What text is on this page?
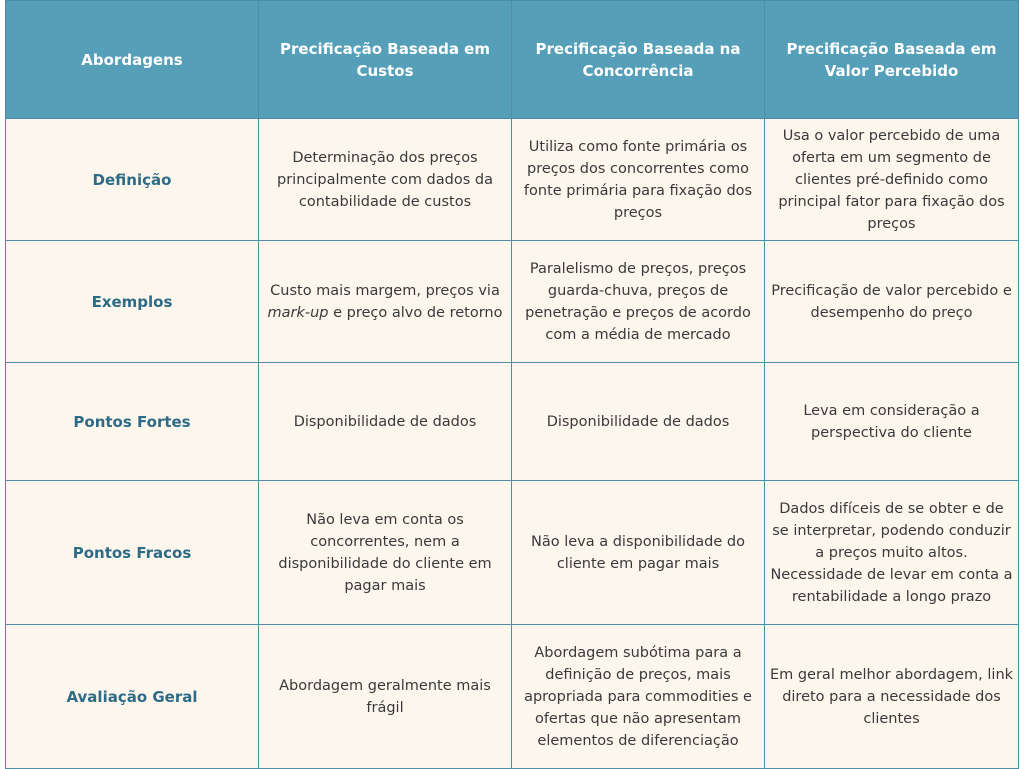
Abordagens	Precificação Baseada em Custos	Precificação Baseada na Concorrência	Precificação Baseada em Valor Percebido
Definição	Determinação dos preços principalmente com dados da contabilidade de custos	Utiliza como fonte primária os preços dos concorrentes como fonte primária para fixação dos preços	Usa o valor percebido de uma oferta em um segmento de clientes pré-definido como principal fator para fixação dos preços
Exemplos	Custo mais margem, preços via mark-up e preço alvo de retorno	Paralelismo de preços, preços guarda-chuva, preços de penetração e preços de acordo com a média de mercado	Precificação de valor percebido e desempenho do preço
Pontos Fortes	Disponibilidade de dados	Disponibilidade de dados	Leva em consideração a perspectiva do cliente
Pontos Fracos	Não leva em conta os concorrentes, nem a disponibilidade do cliente em pagar mais	Não leva a disponibilidade do cliente em pagar mais	Dados difíceis de se obter e de se interpretar, podendo conduzir a preços muito altos. Necessidade de levar em conta a rentabilidade a longo prazo
Avaliação Geral	Abordagem geralmente mais frágil	Abordagem subótima para a definição de preços, mais apropriada para commodities e ofertas que não apresentam elementos de diferenciação	Em geral melhor abordagem, link direto para a necessidade dos clientes
